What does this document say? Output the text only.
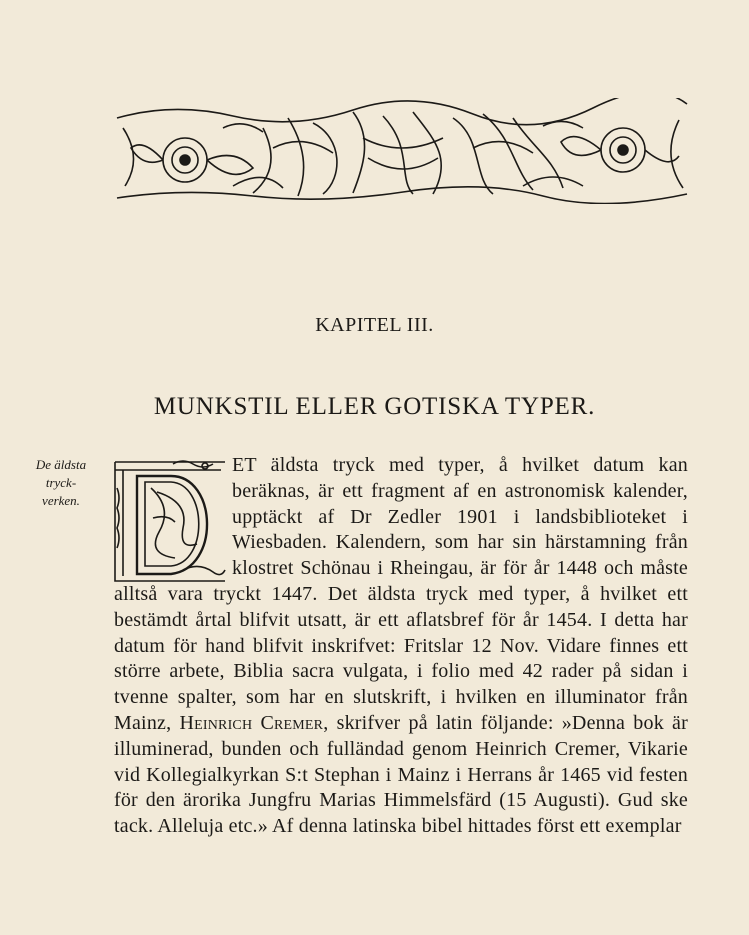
KAPITEL III.
MUNKSTIL ELLER GOTISKA TYPER.
De äldsta
tryck-
verken.
ET äldsta tryck med typer, å hvilket datum kan beräknas, är ett fragment af en astronomisk kalender, upptäckt af Dr Zedler 1901 i landsbiblioteket i Wiesbaden. Kalendern, som har sin härstamning från klostret Schönau i Rheingau, är för år 1448 och måste alltså vara tryckt 1447. Det äldsta tryck med typer, å hvilket ett bestämdt årtal blifvit utsatt, är ett aflatsbref för år 1454. I detta har datum för hand blifvit inskrifvet: Fritslar 12 Nov. Vidare finnes ett större arbete, Biblia sacra vulgata, i folio med 42 rader på sidan i tvenne spalter, som har en slutskrift, i hvilken en illuminator från Mainz, Heinrich Cremer, skrifver på latin följande: »Denna bok är illuminerad, bunden och fulländad genom Heinrich Cremer, Vikarie vid Kollegialkyrkan S:t Stephan i Mainz i Herrans år 1465 vid festen för den ärorika Jungfru Marias Himmelsfärd (15 Augusti). Gud ske tack. Alleluja etc.» Af denna latinska bibel hittades först ett exemplar
